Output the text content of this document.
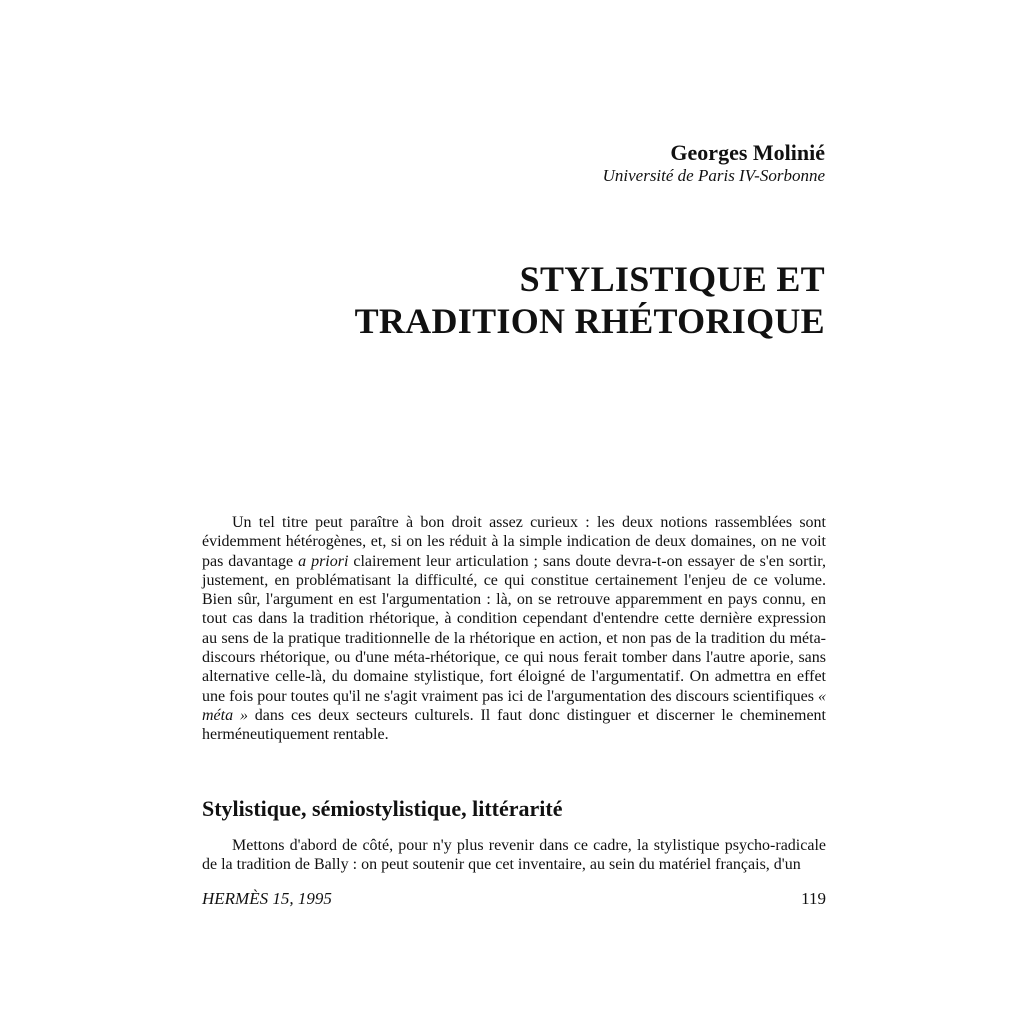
Georges Molinié
Université de Paris IV-Sorbonne
STYLISTIQUE ET
TRADITION RHÉTORIQUE

Un tel titre peut paraître à bon droit assez curieux : les deux notions rassemblées sont évidemment hétérogènes, et, si on les réduit à la simple indication de deux domaines, on ne voit pas davantage a priori clairement leur articulation ; sans doute devra-t-on essayer de s'en sortir, justement, en problématisant la difficulté, ce qui constitue certainement l'enjeu de ce volume. Bien sûr, l'argument en est l'argumentation : là, on se retrouve apparemment en pays connu, en tout cas dans la tradition rhétorique, à condition cependant d'entendre cette dernière expression au sens de la pratique traditionnelle de la rhétorique en action, et non pas de la tradition du méta-discours rhétorique, ou d'une méta-rhétorique, ce qui nous ferait tomber dans l'autre aporie, sans alternative celle-là, du domaine stylistique, fort éloigné de l'argumentatif. On admettra en effet une fois pour toutes qu'il ne s'agit vraiment pas ici de l'argumentation des discours scientifiques « méta » dans ces deux secteurs culturels. Il faut donc distinguer et discerner le cheminement herméneutiquement rentable.

Stylistique, sémiostylistique, littérarité

Mettons d'abord de côté, pour n'y plus revenir dans ce cadre, la stylistique psycho-radicale de la tradition de Bally : on peut soutenir que cet inventaire, au sein du matériel français, d'un

HERMÈS 15, 1995	119
